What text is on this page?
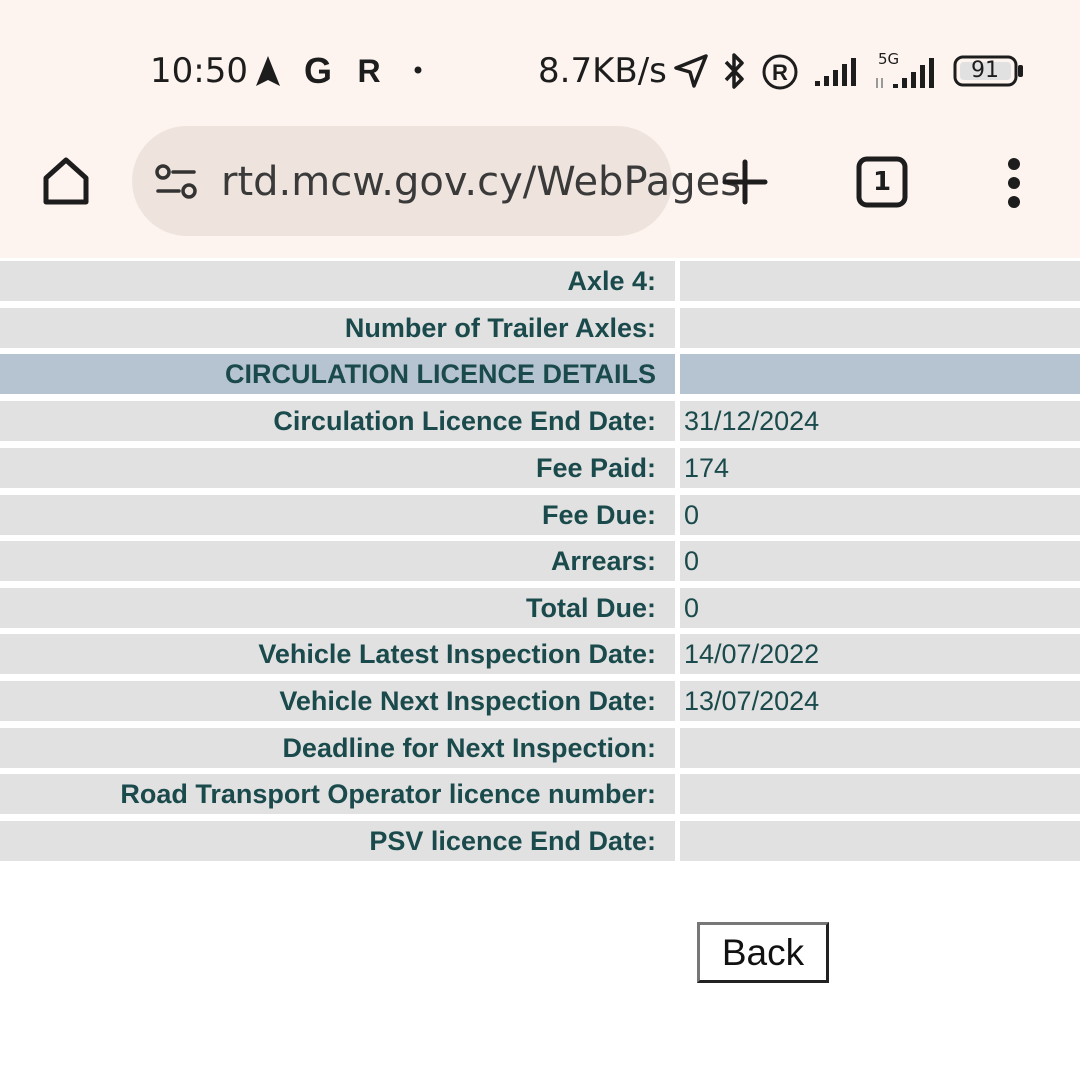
10:50 G R	8.7KB/s	R
5G	91
rtd.mcw.gov.cy/WebPages	1
Axle 4:
Number of Trailer Axles:
CIRCULATION LICENCE DETAILS
Circulation Licence End Date:	31/12/2024
Fee Paid:	174
Fee Due:	0
Arrears:	0
Total Due:	0
Vehicle Latest Inspection Date:	14/07/2022
Vehicle Next Inspection Date:	13/07/2024
Deadline for Next Inspection:
Road Transport Operator licence number:
PSV licence End Date:
Back
